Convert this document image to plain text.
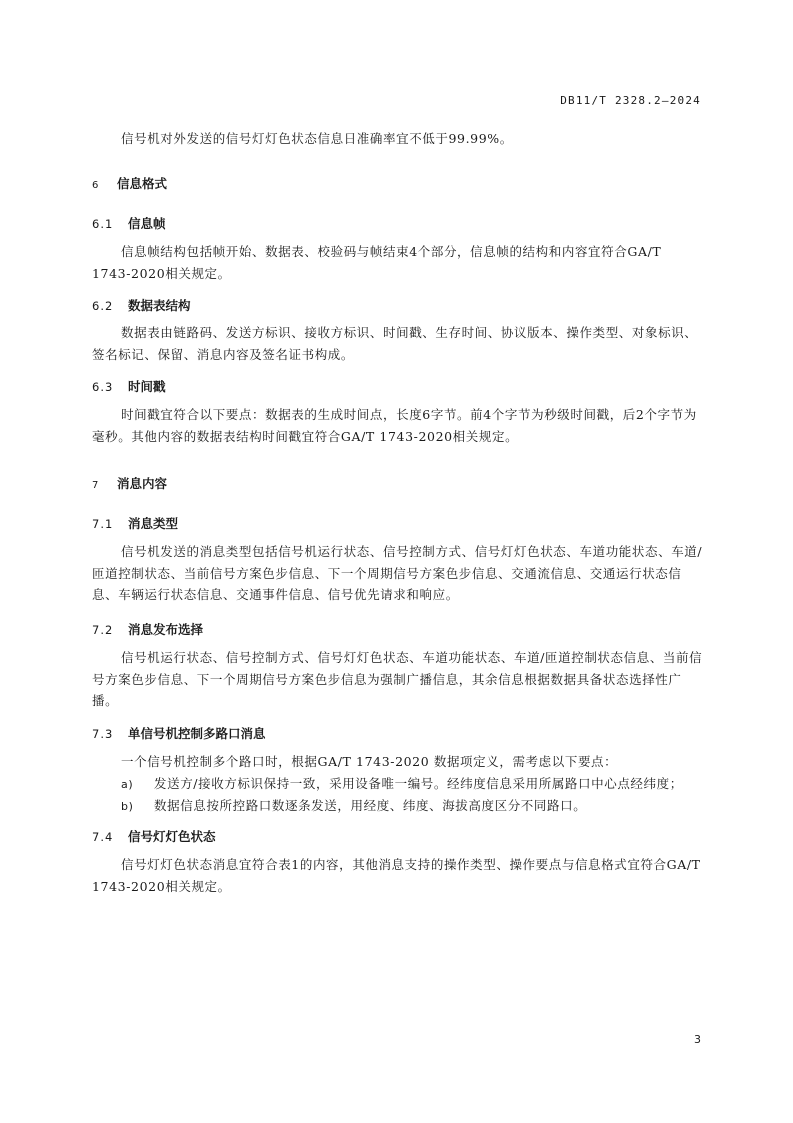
DB11/T 2328.2—2024
信号机对外发送的信号灯灯色状态信息日准确率宜不低于99.99%。
6 信息格式
6.1 信息帧
信息帧结构包括帧开始、数据表、校验码与帧结束4个部分，信息帧的结构和内容宜符合GA/T 1743-2020相关规定。
6.2 数据表结构
数据表由链路码、发送方标识、接收方标识、时间戳、生存时间、协议版本、操作类型、对象标识、签名标记、保留、消息内容及签名证书构成。
6.3 时间戳
时间戳宜符合以下要点：数据表的生成时间点，长度6字节。前4个字节为秒级时间戳，后2个字节为毫秒。其他内容的数据表结构时间戳宜符合GA/T 1743-2020相关规定。
7 消息内容
7.1 消息类型
信号机发送的消息类型包括信号机运行状态、信号控制方式、信号灯灯色状态、车道功能状态、车道/匝道控制状态、当前信号方案色步信息、下一个周期信号方案色步信息、交通流信息、交通运行状态信息、车辆运行状态信息、交通事件信息、信号优先请求和响应。
7.2 消息发布选择
信号机运行状态、信号控制方式、信号灯灯色状态、车道功能状态、车道/匝道控制状态信息、当前信号方案色步信息、下一个周期信号方案色步信息为强制广播信息，其余信息根据数据具备状态选择性广播。
7.3 单信号机控制多路口消息
一个信号机控制多个路口时，根据GA/T 1743-2020 数据项定义，需考虑以下要点：
a) 发送方/接收方标识保持一致，采用设备唯一编号。经纬度信息采用所属路口中心点经纬度；
b) 数据信息按所控路口数逐条发送，用经度、纬度、海拔高度区分不同路口。
7.4 信号灯灯色状态
信号灯灯色状态消息宜符合表1的内容，其他消息支持的操作类型、操作要点与信息格式宜符合GA/T 1743-2020相关规定。
3
